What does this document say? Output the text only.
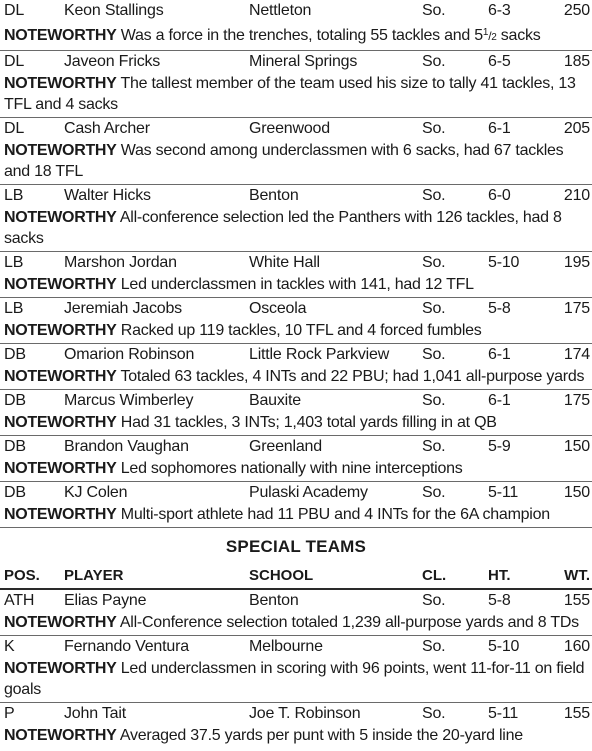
DL	Keon Stallings	Nettleton	So.	6-3	250
NOTEWORTHY Was a force in the trenches, totaling 55 tackles and $5^1/2$ sacks
DL	Javeon Fricks	Mineral Springs	So.	6-5	185
NOTEWORTHY The tallest member of the team used his size to tally 41 tackles, 13 TFL and 4 sacks
DL	Cash Archer	Greenwood	So.	6-1	205
NOTEWORTHY Was second among underclassmen with 6 sacks, had 67 tackles and 18 TFL
LB	Walter Hicks	Benton	So.	6-0	210
NOTEWORTHY All-conference selection led the Panthers with 126 tackles, had 8 sacks
LB	Marshon Jordan	White Hall	So.	5-10	195
NOTEWORTHY Led underclassmen in tackles with 141, had 12 TFL
LB	Jeremiah Jacobs	Osceola	So.	5-8	175
NOTEWORTHY Racked up 119 tackles, 10 TFL and 4 forced fumbles
DB	Omarion Robinson	Little Rock Parkview	So.	6-1	174
NOTEWORTHY Totaled 63 tackles, 4 INTs and 22 PBU; had 1,041 all-purpose yards
DB	Marcus Wimberley	Bauxite	So.	6-1	175
NOTEWORTHY Had 31 tackles, 3 INTs; 1,403 total yards filling in at QB
DB	Brandon Vaughan	Greenland	So.	5-9	150
NOTEWORTHY Led sophomores nationally with nine interceptions
DB	KJ Colen	Pulaski Academy	So.	5-11	150
NOTEWORTHY Multi-sport athlete had 11 PBU and 4 INTs for the 6A champion
SPECIAL TEAMS
POS.	PLAYER	SCHOOL	CL.	HT.	WT.
ATH	Elias Payne	Benton	So.	5-8	155
NOTEWORTHY All-Conference selection totaled 1,239 all-purpose yards and 8 TDs
K	Fernando Ventura	Melbourne	So.	5-10	160
NOTEWORTHY Led underclassmen in scoring with 96 points, went 11-for-11 on field goals
P	John Tait	Joe T. Robinson	So.	5-11	155
NOTEWORTHY Averaged 37.5 yards per punt with 5 inside the 20-yard line
